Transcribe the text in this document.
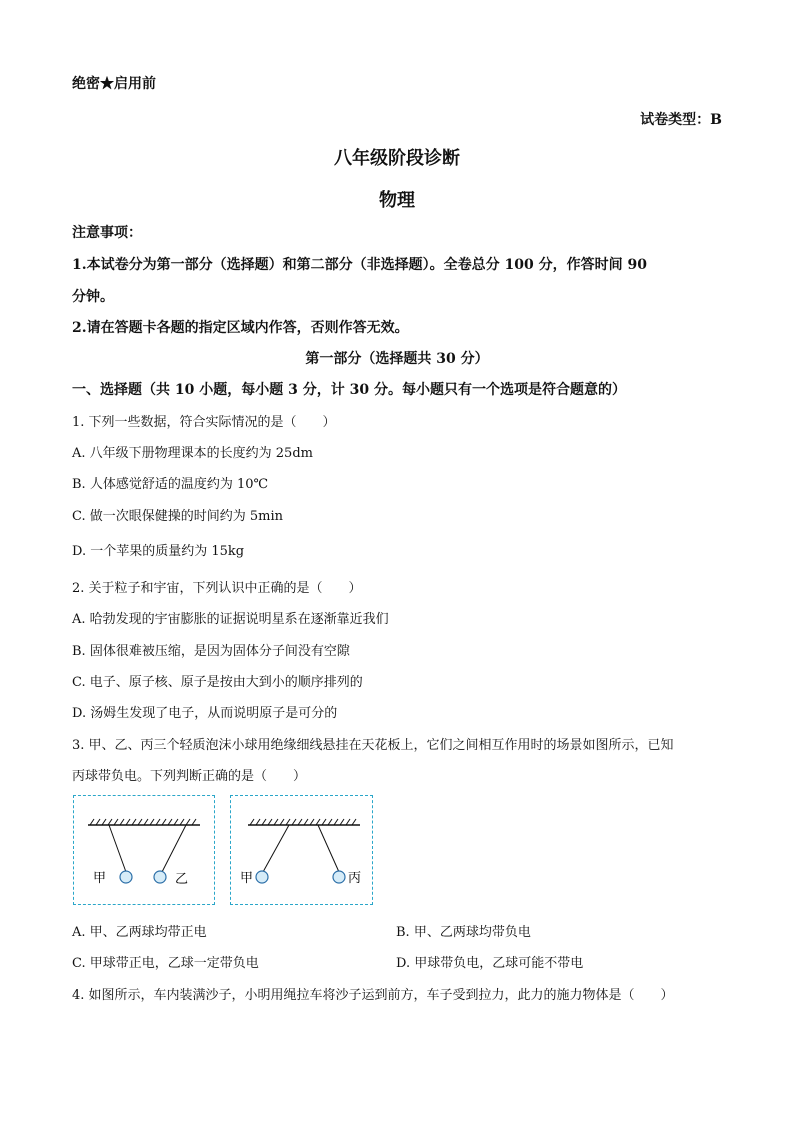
绝密★启用前
试卷类型：B
八年级阶段诊断
物理
注意事项：
1.本试卷分为第一部分（选择题）和第二部分（非选择题）。全卷总分 100 分，作答时间 90
分钟。
2.请在答题卡各题的指定区域内作答，否则作答无效。
第一部分（选择题共 30 分）
一、选择题（共 10 小题，每小题 3 分，计 30 分。每小题只有一个选项是符合题意的）
1. 下列一些数据，符合实际情况的是（　　）
A. 八年级下册物理课本的长度约为 25dm
B. 人体感觉舒适的温度约为 10℃
C. 做一次眼保健操的时间约为 5min
D. 一个苹果的质量约为 15kg
2. 关于粒子和宇宙，下列认识中正确的是（　　）
A. 哈勃发现的宇宙膨胀的证据说明星系在逐渐靠近我们
B. 固体很难被压缩，是因为固体分子间没有空隙
C. 电子、原子核、原子是按由大到小的顺序排列的
D. 汤姆生发现了电子，从而说明原子是可分的
3. 甲、乙、丙三个轻质泡沫小球用绝缘细线悬挂在天花板上，它们之间相互作用时的场景如图所示，已知
丙球带负电。下列判断正确的是（　　）
甲	乙	甲	丙
A. 甲、乙两球均带正电	B. 甲、乙两球均带负电
C. 甲球带正电，乙球一定带负电	D. 甲球带负电，乙球可能不带电
4. 如图所示，车内装满沙子，小明用绳拉车将沙子运到前方，车子受到拉力，此力的施力物体是（　　）
